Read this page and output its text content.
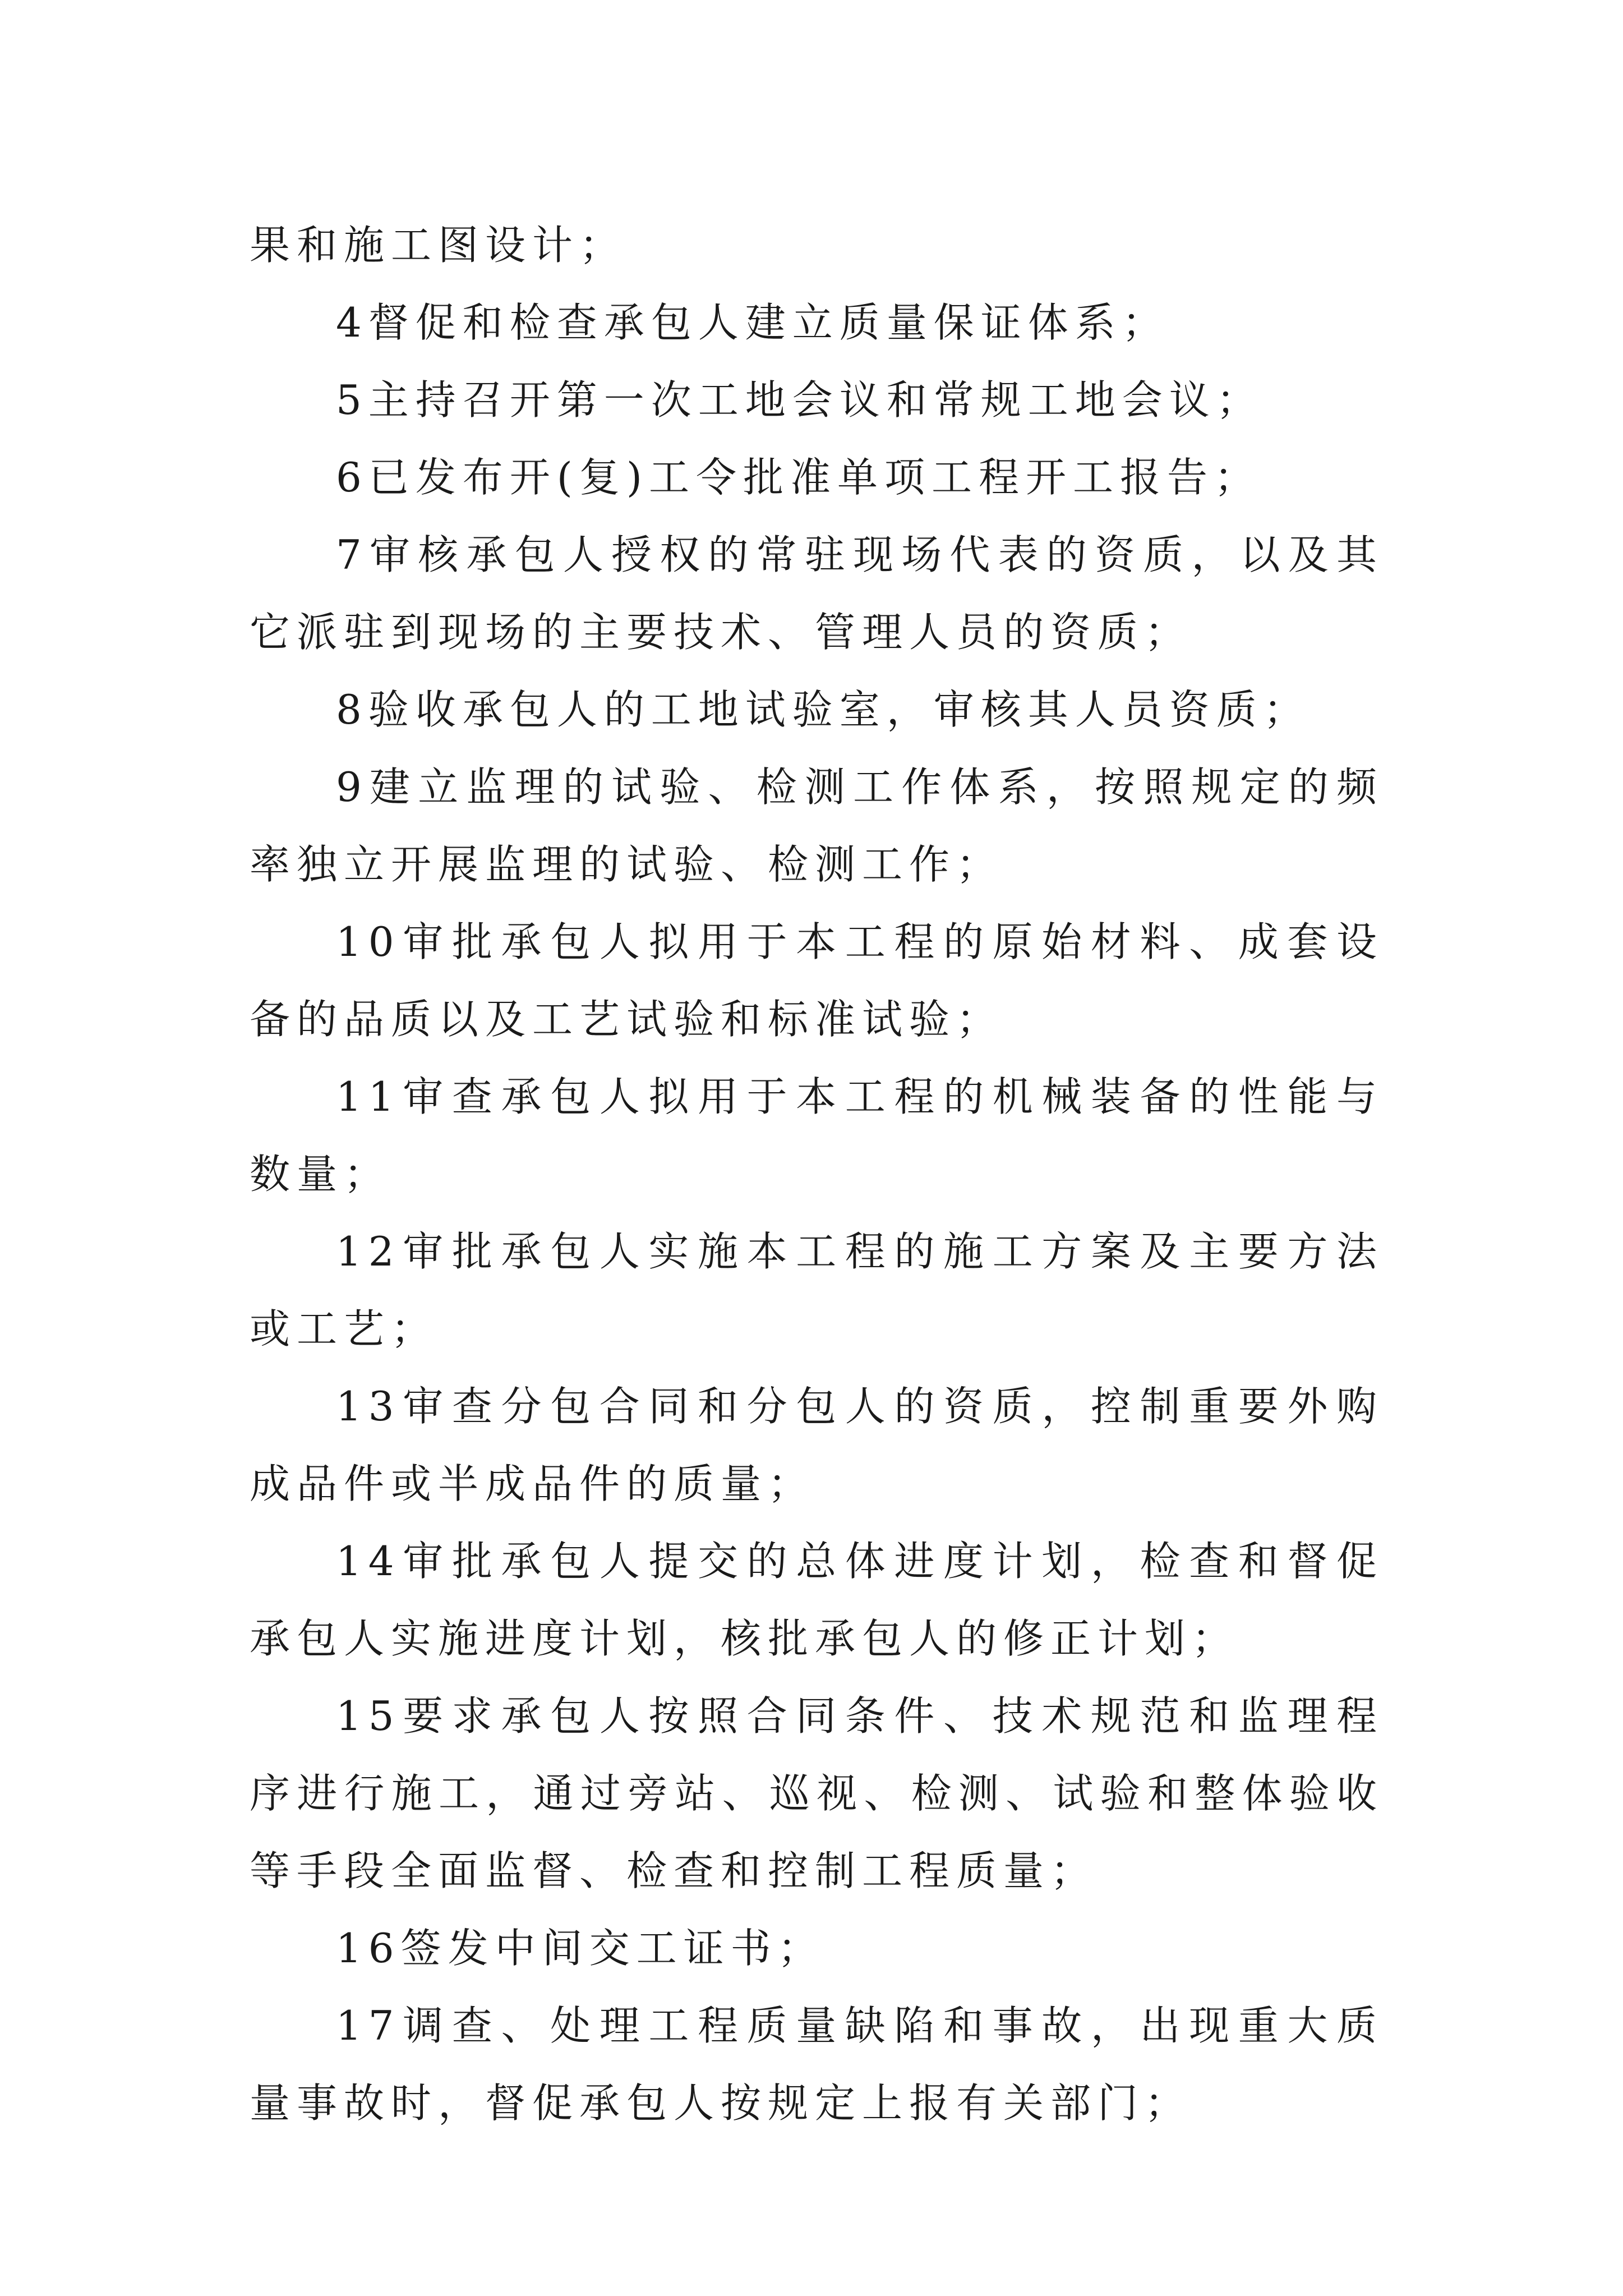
果和施工图设计；

4督促和检查承包人建立质量保证体系；

5主持召开第一次工地会议和常规工地会议；

6已发布开(复)工令批准单项工程开工报告；

7审核承包人授权的常驻现场代表的资质，以及其它派驻到现场的主要技术、管理人员的资质；

8验收承包人的工地试验室，审核其人员资质；

9建立监理的试验、检测工作体系，按照规定的频率独立开展监理的试验、检测工作；

10审批承包人拟用于本工程的原始材料、成套设备的品质以及工艺试验和标准试验；

11审查承包人拟用于本工程的机械装备的性能与数量；

12审批承包人实施本工程的施工方案及主要方法或工艺；

13审查分包合同和分包人的资质，控制重要外购成品件或半成品件的质量；

14审批承包人提交的总体进度计划，检查和督促承包人实施进度计划，核批承包人的修正计划；

15要求承包人按照合同条件、技术规范和监理程序进行施工，通过旁站、巡视、检测、试验和整体验收等手段全面监督、检查和控制工程质量；

16签发中间交工证书；

17调查、处理工程质量缺陷和事故，出现重大质量事故时，督促承包人按规定上报有关部门；
